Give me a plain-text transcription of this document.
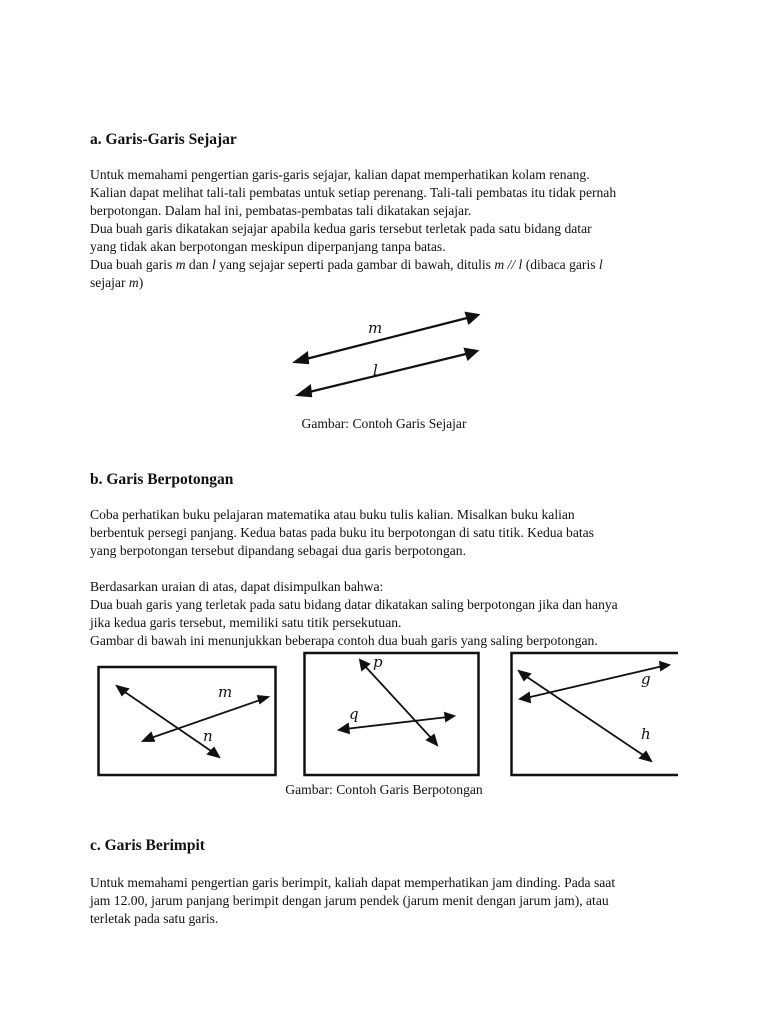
a. Garis-Garis Sejajar
Untuk memahami pengertian garis-garis sejajar, kalian dapat memperhatikan kolam renang.
Kalian dapat melihat tali-tali pembatas untuk setiap perenang. Tali-tali pembatas itu tidak pernah
berpotongan. Dalam hal ini, pembatas-pembatas tali dikatakan sejajar.
Dua buah garis dikatakan sejajar apabila kedua garis tersebut terletak pada satu bidang datar
yang tidak akan berpotongan meskipun diperpanjang tanpa batas.
Dua buah garis m dan l yang sejajar seperti pada gambar di bawah, ditulis m // l (dibaca garis l
sejajar m)
m
l

Gambar: Contoh Garis Sejajar

b. Garis Berpotongan
Coba perhatikan buku pelajaran matematika atau buku tulis kalian. Misalkan buku kalian
berbentuk persegi panjang. Kedua batas pada buku itu berpotongan di satu titik. Kedua batas
yang berpotongan tersebut dipandang sebagai dua garis berpotongan.
Berdasarkan uraian di atas, dapat disimpulkan bahwa:
Dua buah garis yang terletak pada satu bidang datar dikatakan saling berpotongan jika dan hanya
jika kedua garis tersebut, memiliki satu titik persekutuan.
Gambar di bawah ini menunjukkan beberapa contoh dua buah garis yang saling berpotongan.
m
n
p
q
g
h

Gambar: Contoh Garis Berpotongan

c. Garis Berimpit
Untuk memahami pengertian garis berimpit, kaliah dapat memperhatikan jam dinding. Pada saat
jam 12.00, jarum panjang berimpit dengan jarum pendek (jarum menit dengan jarum jam), atau
terletak pada satu garis.
